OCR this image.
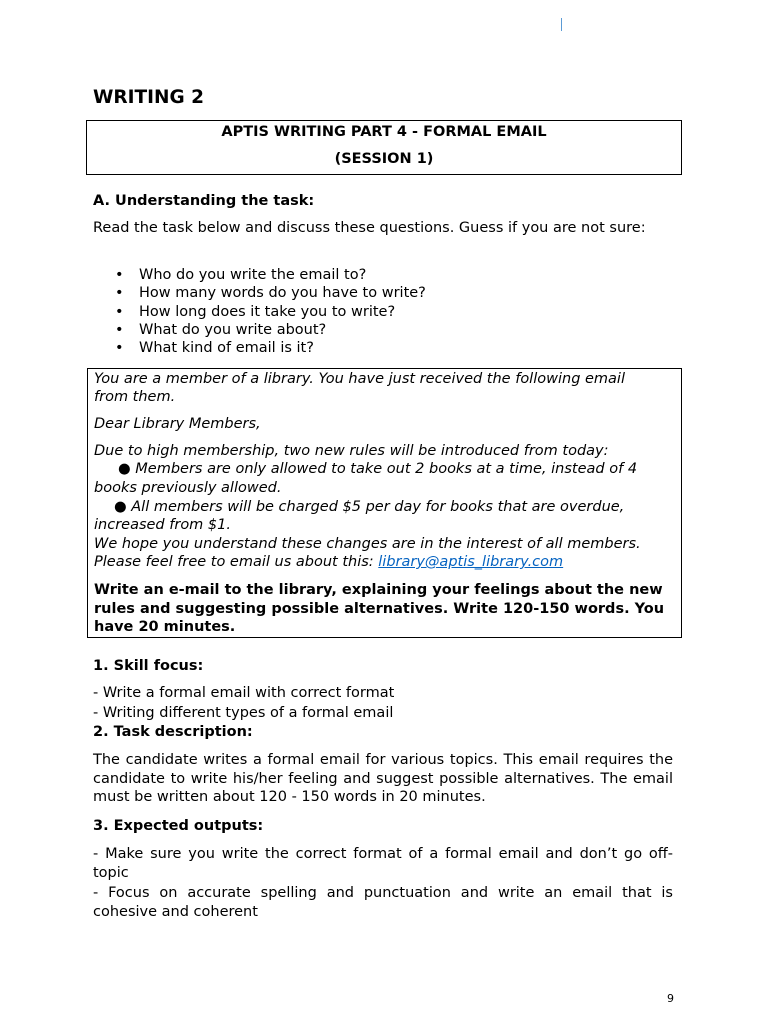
WRITING 2
APTIS WRITING PART 4 - FORMAL EMAIL
(SESSION 1)
A. Understanding the task:
Read the task below and discuss these questions. Guess if you are not sure:
• Who do you write the email to?
• How many words do you have to write?
• How long does it take you to write?
• What do you write about?
• What kind of email is it?
You are a member of a library. You have just received the following email
from them.
Dear Library Members,
Due to high membership, two new rules will be introduced from today:
● Members are only allowed to take out 2 books at a time, instead of 4
books previously allowed.
● All members will be charged $5 per day for books that are overdue,
increased from $1.
We hope you understand these changes are in the interest of all members.
Please feel free to email us about this: library@aptis_library.com
Write an e-mail to the library, explaining your feelings about the new rules and suggesting possible alternatives. Write 120-150 words. You have 20 minutes.
1. Skill focus:
- Write a formal email with correct format
- Writing different types of a formal email
2. Task description:
The candidate writes a formal email for various topics. This email requires the candidate to write his/her feeling and suggest possible alternatives. The email must be written about 120 - 150 words in 20 minutes.
3. Expected outputs:
- Make sure you write the correct format of a formal email and don’t go off-topic
- Focus on accurate spelling and punctuation and write an email that is cohesive and coherent
9
